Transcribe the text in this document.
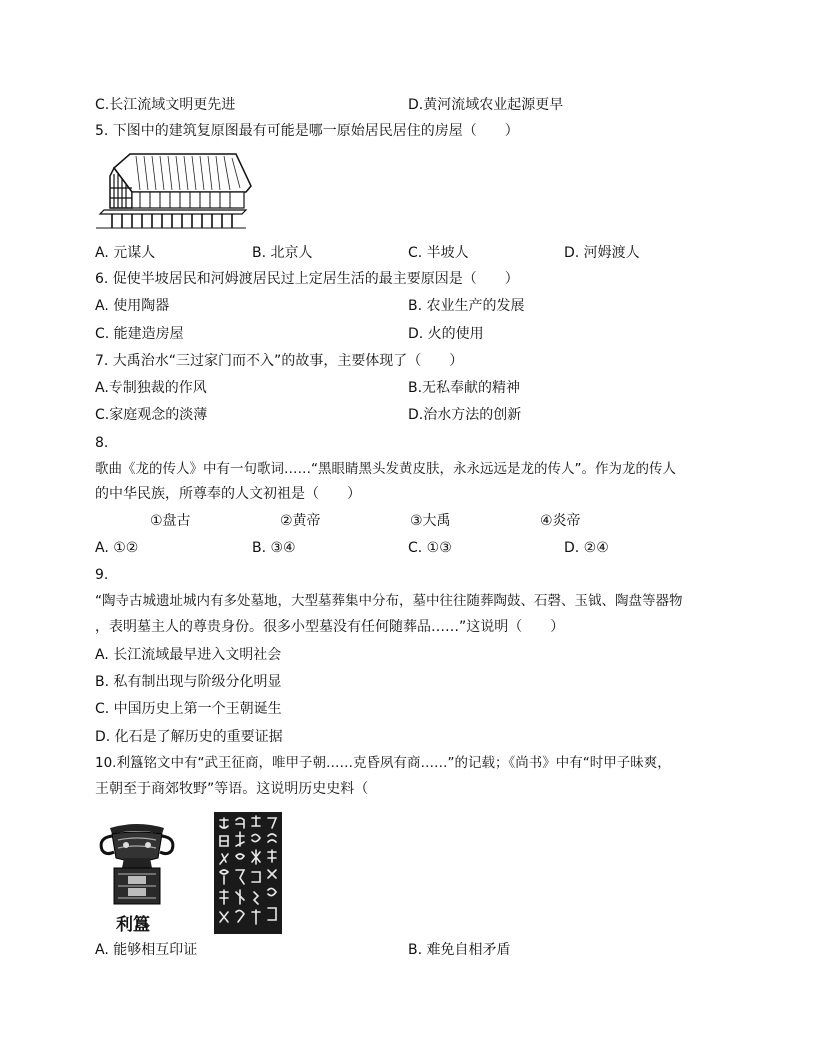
C.长江流域文明更先进	D.黄河流域农业起源更早
5. 下图中的建筑复原图最有可能是哪一原始居民居住的房屋（　　）
A. 元谋人	B. 北京人	C. 半坡人	D. 河姆渡人
6. 促使半坡居民和河姆渡居民过上定居生活的最主要原因是（　　）
A. 使用陶器	B. 农业生产的发展
C. 能建造房屋	D. 火的使用
7. 大禹治水“三过家门而不入”的故事，主要体现了（　　）
A.专制独裁的作风	B.无私奉献的精神
C.家庭观念的淡薄	D.治水方法的创新
8.
歌曲《龙的传人》中有一句歌词……“黑眼睛黑头发黄皮肤，永永远远是龙的传人”。作为龙的传人
的中华民族，所尊奉的人文初祖是（　　）
①盘古	②黄帝	③大禹	④炎帝
A. ①②	B. ③④	C. ①③	D. ②④
9.
“陶寺古城遗址城内有多处墓地，大型墓葬集中分布，墓中往往随葬陶鼓、石磬、玉钺、陶盘等器物
，表明墓主人的尊贵身份。很多小型墓没有任何随葬品……”这说明（　　）
A. 长江流域最早进入文明社会
B. 私有制出现与阶级分化明显
C. 中国历史上第一个王朝诞生
D. 化石是了解历史的重要证据
10.利簋铭文中有“武王征商，唯甲子朝……克昏夙有商……”的记载；《尚书》中有“时甲子昧爽，
王朝至于商郊牧野”等语。这说明历史史料（
利簋
A. 能够相互印证	B. 难免自相矛盾
